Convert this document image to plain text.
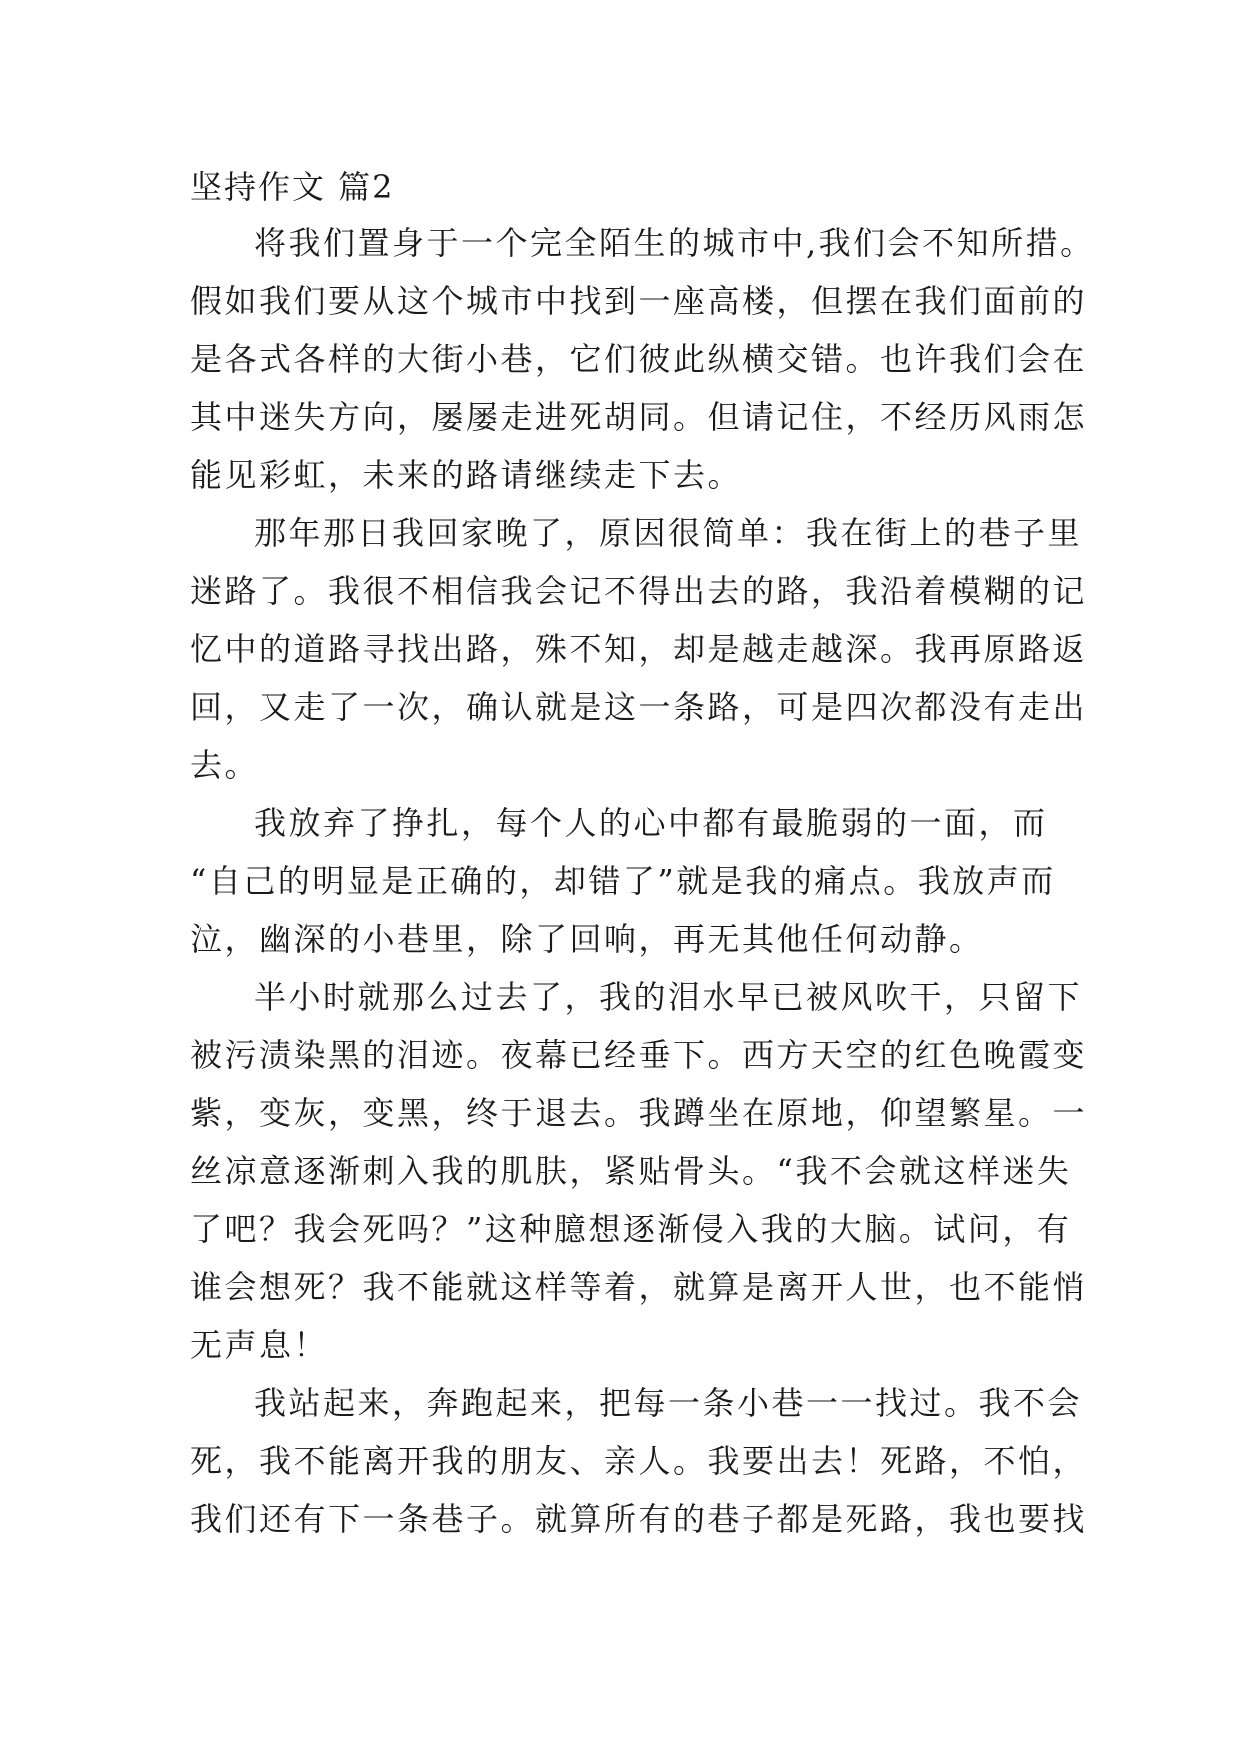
坚持作文 篇2
将我们置身于一个完全陌生的城市中,我们会不知所措。
假如我们要从这个城市中找到一座高楼，但摆在我们面前的
是各式各样的大街小巷，它们彼此纵横交错。也许我们会在
其中迷失方向，屡屡走进死胡同。但请记住，不经历风雨怎
能见彩虹，未来的路请继续走下去。
那年那日我回家晚了，原因很简单：我在街上的巷子里
迷路了。我很不相信我会记不得出去的路，我沿着模糊的记
忆中的道路寻找出路，殊不知，却是越走越深。我再原路返
回，又走了一次，确认就是这一条路，可是四次都没有走出
去。
我放弃了挣扎，每个人的心中都有最脆弱的一面，而
“自己的明显是正确的，却错了”就是我的痛点。我放声而
泣，幽深的小巷里，除了回响，再无其他任何动静。
半小时就那么过去了，我的泪水早已被风吹干，只留下
被污渍染黑的泪迹。夜幕已经垂下。西方天空的红色晚霞变
紫，变灰，变黑，终于退去。我蹲坐在原地，仰望繁星。一
丝凉意逐渐刺入我的肌肤，紧贴骨头。“我不会就这样迷失
了吧？我会死吗？”这种臆想逐渐侵入我的大脑。试问，有
谁会想死？我不能就这样等着，就算是离开人世，也不能悄
无声息！
我站起来，奔跑起来，把每一条小巷一一找过。我不会
死，我不能离开我的朋友、亲人。我要出去！死路，不怕，
我们还有下一条巷子。就算所有的巷子都是死路，我也要找
